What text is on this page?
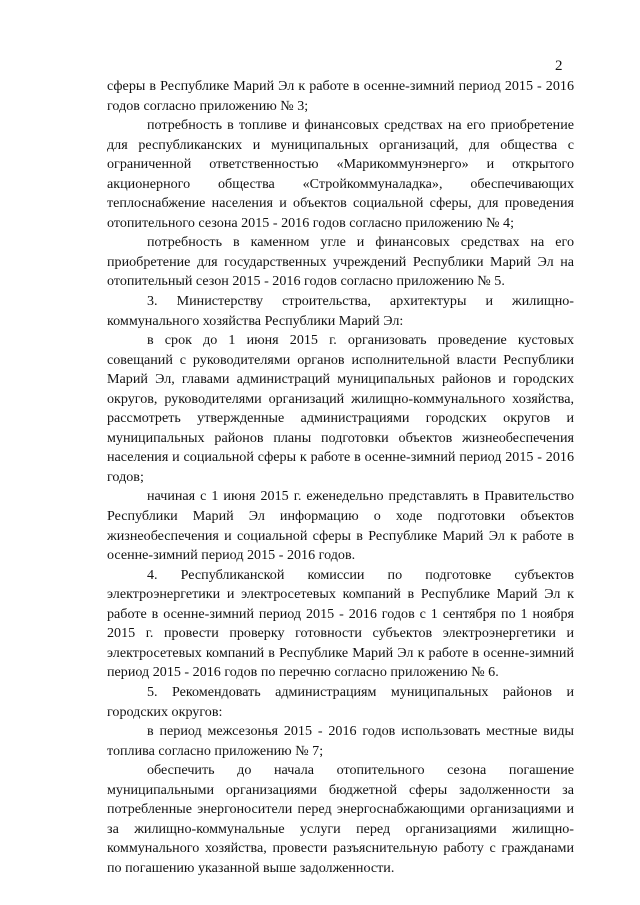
2

сферы в Республике Марий Эл к работе в осенне-зимний период 2015 - 2016 годов согласно приложению № 3;

потребность в топливе и финансовых средствах на его приобретение для республиканских и муниципальных организаций, для общества с ограниченной ответственностью «Марикоммунэнерго» и открытого акционерного общества «Стройкоммуналадка», обеспечивающих теплоснабжение населения и объектов социальной сферы, для проведения отопительного сезона 2015 - 2016 годов согласно приложению № 4;

потребность в каменном угле и финансовых средствах на его приобретение для государственных учреждений Республики Марий Эл на отопительный сезон 2015 - 2016 годов согласно приложению № 5.

3. Министерству строительства, архитектуры и жилищно-коммунального хозяйства Республики Марий Эл:

в срок до 1 июня 2015 г. организовать проведение кустовых совещаний с руководителями органов исполнительной власти Республики Марий Эл, главами администраций муниципальных районов и городских округов, руководителями организаций жилищно-коммунального хозяйства, рассмотреть утвержденные администрациями городских округов и муниципальных районов планы подготовки объектов жизнеобеспечения населения и социальной сферы к работе в осенне-зимний период 2015 - 2016 годов;

начиная с 1 июня 2015 г. еженедельно представлять в Правительство Республики Марий Эл информацию о ходе подготовки объектов жизнеобеспечения и социальной сферы в Республике Марий Эл к работе в осенне-зимний период 2015 - 2016 годов.

4. Республиканской комиссии по подготовке субъектов электроэнергетики и электросетевых компаний в Республике Марий Эл к работе в осенне-зимний период 2015 - 2016 годов с 1 сентября по 1 ноября 2015 г. провести проверку готовности субъектов электроэнергетики и электросетевых компаний в Республике Марий Эл к работе в осенне-зимний период 2015 - 2016 годов по перечню согласно приложению № 6.

5. Рекомендовать администрациям муниципальных районов и городских округов:

в период межсезонья 2015 - 2016 годов использовать местные виды топлива согласно приложению № 7;

обеспечить до начала отопительного сезона погашение муниципальными организациями бюджетной сферы задолженности за потребленные энергоносители перед энергоснабжающими организациями и за жилищно-коммунальные услуги перед организациями жилищно-коммунального хозяйства, провести разъяснительную работу с гражданами по погашению указанной выше задолженности.
